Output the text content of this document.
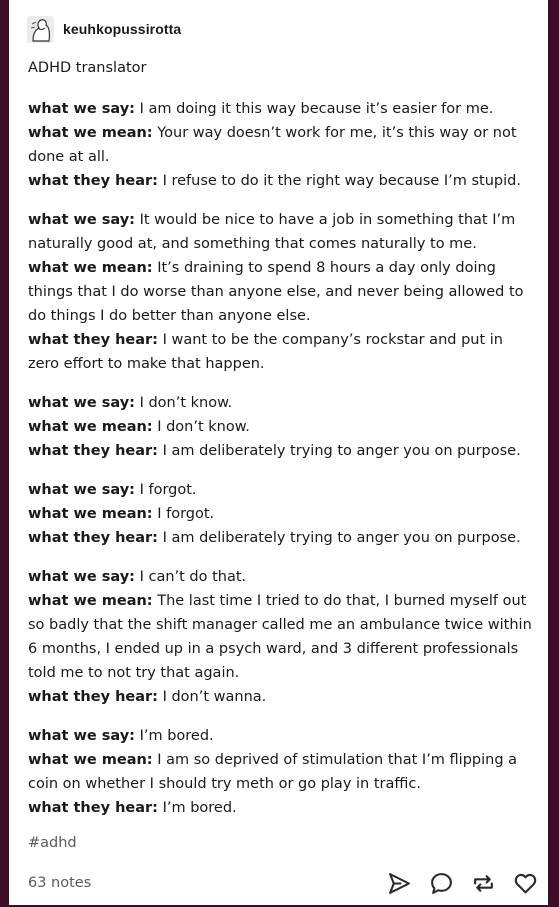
keuhkopussirotta
ADHD translator

what we say: I am doing it this way because it’s easier for me.

what we mean: Your way doesn’t work for me, it’s this way or not done at all.

what they hear: I refuse to do it the right way because I’m stupid.

what we say: It would be nice to have a job in something that I’m naturally good at, and something that comes naturally to me.

what we mean: It’s draining to spend 8 hours a day only doing things that I do worse than anyone else, and never being allowed to do things I do better than anyone else.

what they hear: I want to be the company’s rockstar and put in zero effort to make that happen.

what we say: I don’t know.

what we mean: I don’t know.

what they hear: I am deliberately trying to anger you on purpose.

what we say: I forgot.

what we mean: I forgot.

what they hear: I am deliberately trying to anger you on purpose.

what we say: I can’t do that.

what we mean: The last time I tried to do that, I burned myself out so badly that the shift manager called me an ambulance twice within 6 months, I ended up in a psych ward, and 3 different professionals told me to not try that again.

what they hear: I don’t wanna.

what we say: I’m bored.

what we mean: I am so deprived of stimulation that I’m flipping a coin on whether I should try meth or go play in traffic.

what they hear: I’m bored.

#adhd
63 notes
